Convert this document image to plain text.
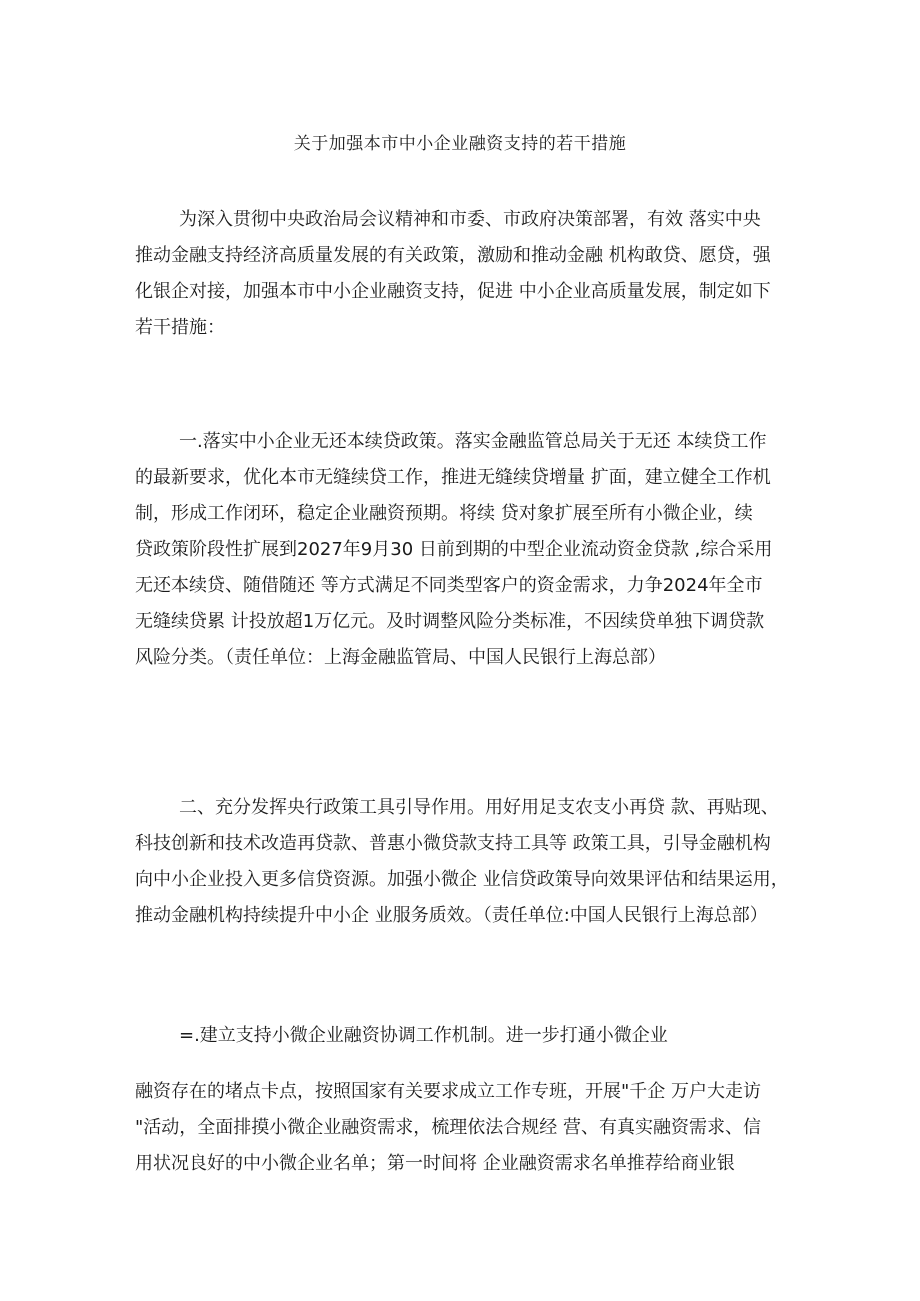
关于加强本市中小企业融资支持的若干措施
为深入贯彻中央政治局会议精神和市委、市政府决策部署，有效 落实中央
推动金融支持经济高质量发展的有关政策，激励和推动金融 机构敢贷、愿贷，强
化银企对接，加强本市中小企业融资支持，促进 中小企业高质量发展，制定如下
若干措施：
一.落实中小企业无还本续贷政策。落实金融监管总局关于无还 本续贷工作
的最新要求，优化本市无缝续贷工作，推进无缝续贷增量 扩面，建立健全工作机
制，形成工作闭环，稳定企业融资预期。将续 贷对象扩展至所有小微企业，续
贷政策阶段性扩展到2027年9月30 日前到期的中型企业流动资金贷款 ,综合采用
无还本续贷、随借随还 等方式满足不同类型客户的资金需求，力争2024年全市
无缝续贷累 计投放超1万亿元。及时调整风险分类标准，不因续贷单独下调贷款
风险分类。（责任单位：上海金融监管局、中国人民银行上海总部）
二、充分发挥央行政策工具引导作用。用好用足支农支小再贷 款、再贴现、
科技创新和技术改造再贷款、普惠小微贷款支持工具等 政策工具，引导金融机构
向中小企业投入更多信贷资源。加强小微企 业信贷政策导向效果评估和结果运用，
推动金融机构持续提升中小企 业服务质效。（责任单位:中国人民银行上海总部）
=.建立支持小微企业融资协调工作机制。进一步打通小微企业
融资存在的堵点卡点，按照国家有关要求成立工作专班，开展"千企 万户大走访
"活动，全面排摸小微企业融资需求，梳理依法合规经 营、有真实融资需求、信
用状况良好的中小微企业名单；第一时间将 企业融资需求名单推荐给商业银
